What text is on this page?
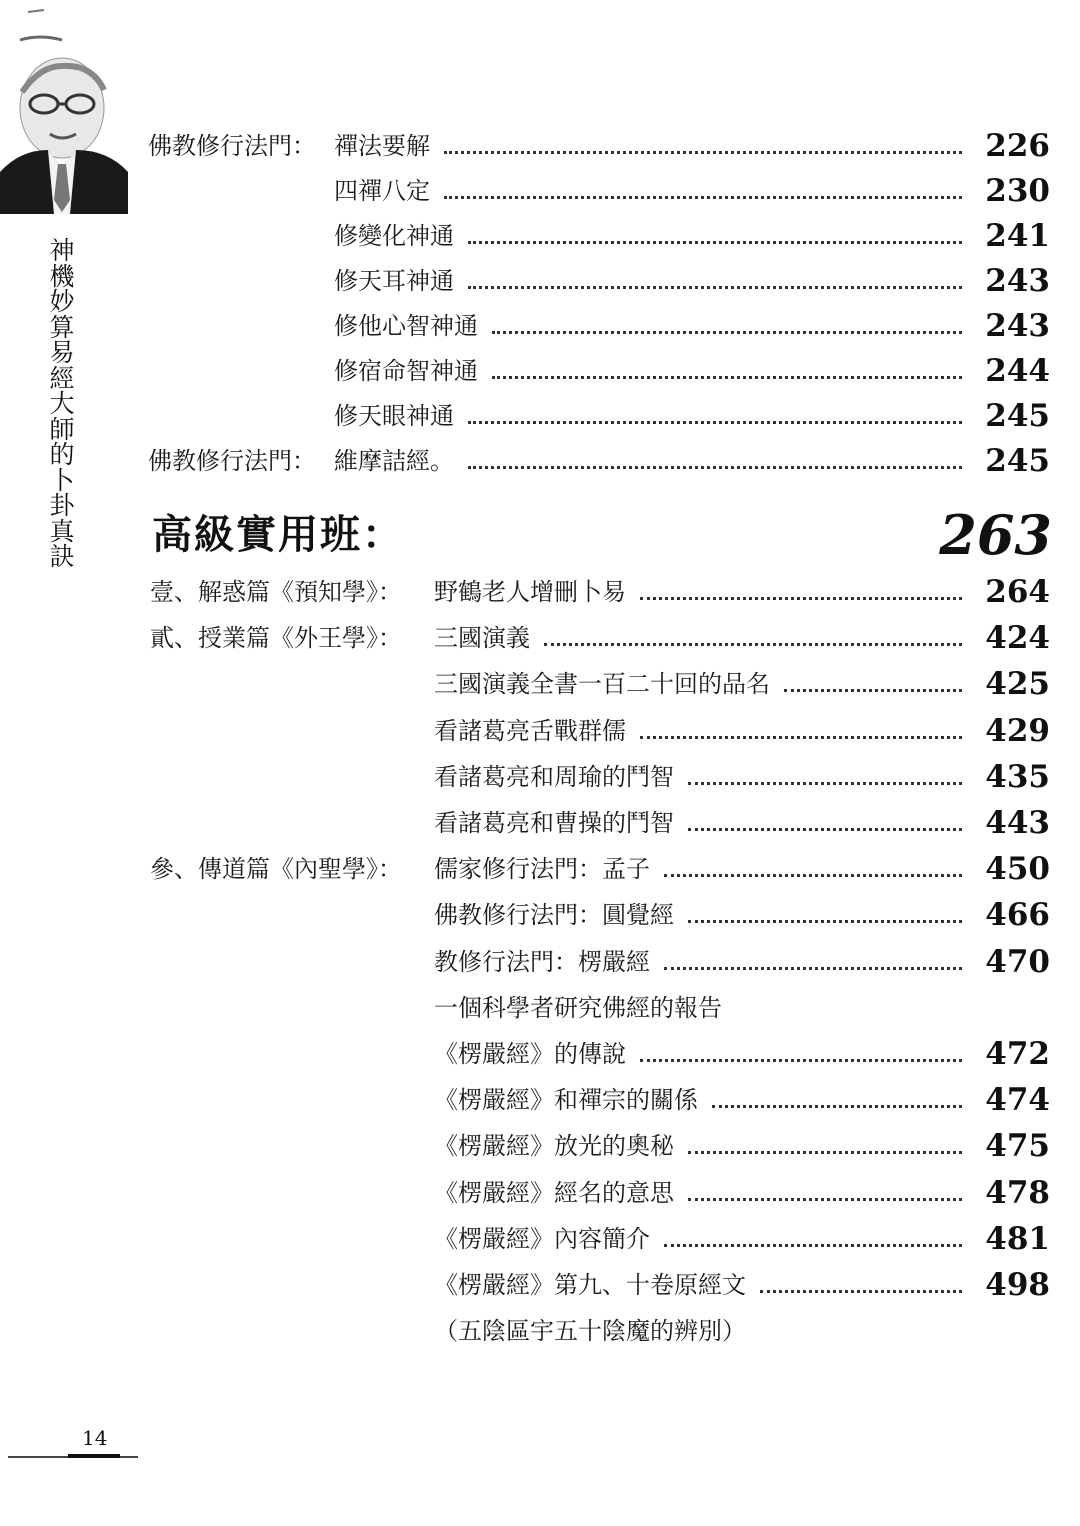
神
機
妙
算
易
經
大
師
的
卜
卦
真
訣
佛教修行法門： 禪法要解	226
四禪八定	230
修變化神通	241
修天耳神通	243
修他心智神通	243
修宿命智神通	244
修天眼神通	245
佛教修行法門： 維摩詰經。	245
高級實用班：	263
壹、解惑篇《預知學》： 野鶴老人增刪卜易	264
貳、授業篇《外王學》： 三國演義	424
三國演義全書一百二十回的品名	425
看諸葛亮舌戰群儒	429
看諸葛亮和周瑜的鬥智	435
看諸葛亮和曹操的鬥智	443
參、傳道篇《內聖學》： 儒家修行法門：孟子	450
佛教修行法門：圓覺經	466
教修行法門：楞嚴經	470
一個科學者研究佛經的報告
《楞嚴經》的傳說	472
《楞嚴經》和禪宗的關係	474
《楞嚴經》放光的奧秘	475
《楞嚴經》經名的意思	478
《楞嚴經》內容簡介	481
《楞嚴經》第九、十卷原經文	498
（五陰區宇五十陰魔的辨別）
14
